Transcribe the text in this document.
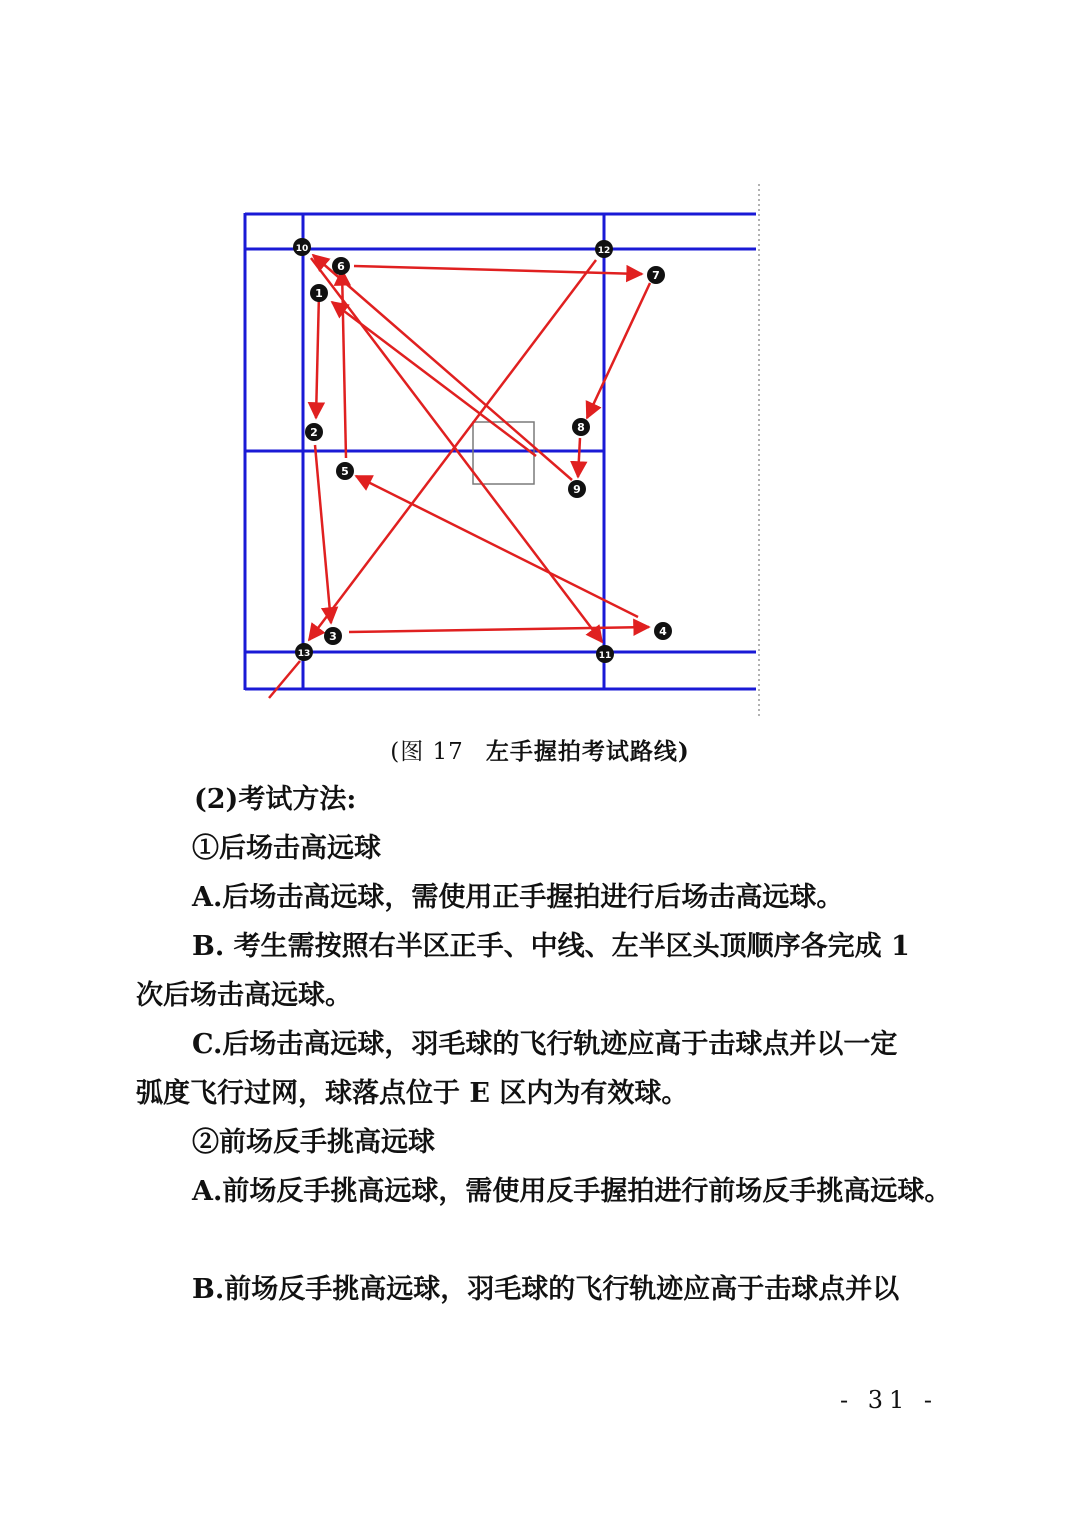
1
2
3	4
5
6
7
8
9
10
11
12
13
(图 17 左手握拍考试路线)
(2)考试方法:
①后场击高远球
A.后场击高远球，需使用正手握拍进行后场击高远球。
B. 考生需按照右半区正手、中线、左半区头顶顺序各完成 1
次后场击高远球。
C.后场击高远球，羽毛球的飞行轨迹应高于击球点并以一定
弧度飞行过网，球落点位于 E 区内为有效球。
②前场反手挑高远球
A.前场反手挑高远球，需使用反手握拍进行前场反手挑高远球。
B.前场反手挑高远球，羽毛球的飞行轨迹应高于击球点并以
- 31 -
